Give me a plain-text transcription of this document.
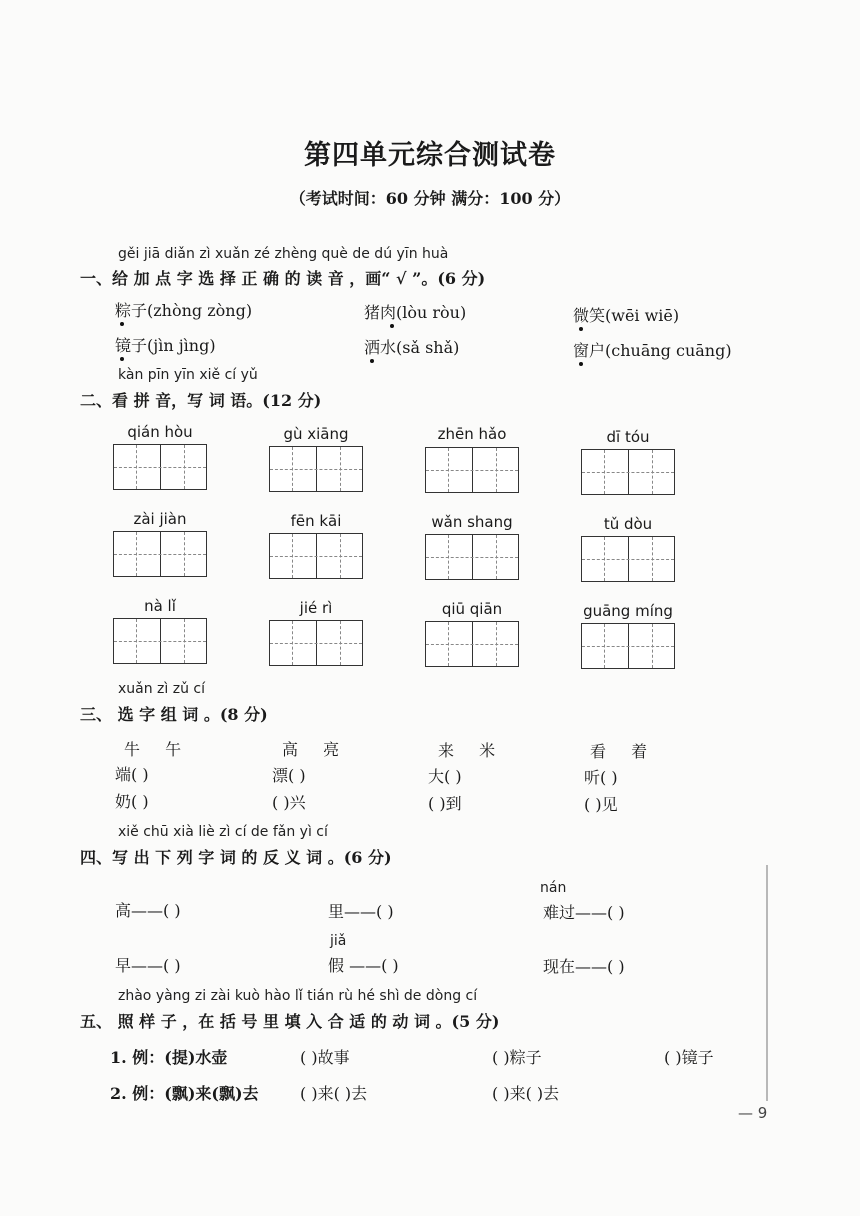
第四单元综合测试卷
（考试时间：60 分钟 满分：100 分）
gěi jiā diǎn zì xuǎn zé zhèng què de dú yīn huà
一、给 加 点 字 选 择 正 确 的 读 音 ，画“ √ ”。(6 分)
粽子(zhòng zòng)	猪肉(lòu ròu)	微笑(wēi wiē)
镜子(jìn jìng)	洒水(sǎ shǎ)	窗户(chuāng cuāng)
kàn pīn yīn xiě cí yǔ
二、看 拼 音，写 词 语。(12 分)
qián hòu	gù xiāng	zhēn hǎo	dī tóu
zài jiàn	fēn kāi	wǎn shang	tǔ dòu
nà lǐ	jié rì	qiū qiān	guāng míng
xuǎn zì zǔ cí
三、 选 字 组 词 。(8 分)
牛 午	高 亮	来 米	看 着
端( )	漂( )	大( )	听( )
奶( )	( )兴	( )到	( )见
xiě chū xià liè zì cí de fǎn yì cí
四、写 出 下 列 字 词 的 反 义 词 。(6 分)
nán
jiǎ
高——( )	里——( )	难过——( )
早——( )	假 ——( )	现在——( )
zhào yàng zi zài kuò hào lǐ tián rù hé shì de dòng cí
五、 照 样 子 ，在 括 号 里 填 入 合 适 的 动 词 。(5 分)
1. 例：(提)水壶	( )故事	( )粽子	( )镜子
2. 例：(飘)来(飘)去	( )来( )去	( )来( )去
— 9
